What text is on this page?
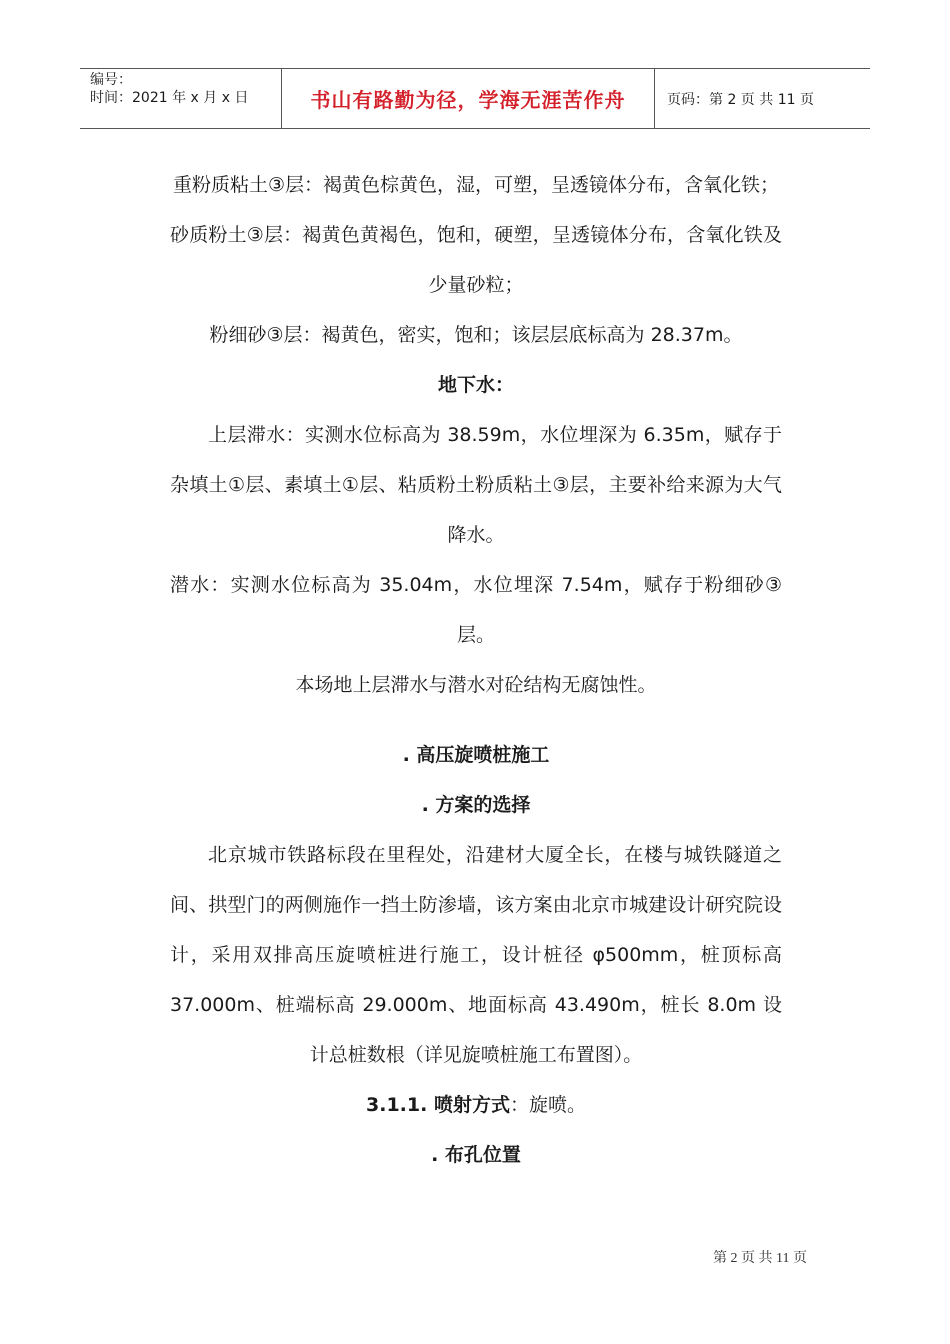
编号：
时间：2021 年 x 月 x 日	书山有路勤为径，学海无涯苦作舟	页码：第 2 页 共 11 页
重粉质粘土③层：褐黄色棕黄色，湿，可塑，呈透镜体分布，含氧化铁；
砂质粉土③层：褐黄色黄褐色，饱和，硬塑，呈透镜体分布，含氧化铁及少量砂粒；
粉细砂③层：褐黄色，密实，饱和；该层层底标高为 28.37m。
地下水：
上层滞水：实测水位标高为 38.59m，水位埋深为 6.35m，赋存于杂填土①层、素填土①层、粘质粉土粉质粘土③层，主要补给来源为大气降水。
潜水：实测水位标高为 35.04m，水位埋深 7.54m，赋存于粉细砂③层。
本场地上层滞水与潜水对砼结构无腐蚀性。
. 高压旋喷桩施工
. 方案的选择
北京城市铁路标段在里程处，沿建材大厦全长，在楼与城铁隧道之间、拱型门的两侧施作一挡土防渗墙，该方案由北京市城建设计研究院设计，采用双排高压旋喷桩进行施工，设计桩径 φ500mm，桩顶标高 37.000m、桩端标高 29.000m、地面标高 43.490m，桩长 8.0m 设计总桩数根（详见旋喷桩施工布置图）。
3.1.1. 喷射方式：旋喷。
. 布孔位置
第 2 页 共 11 页
